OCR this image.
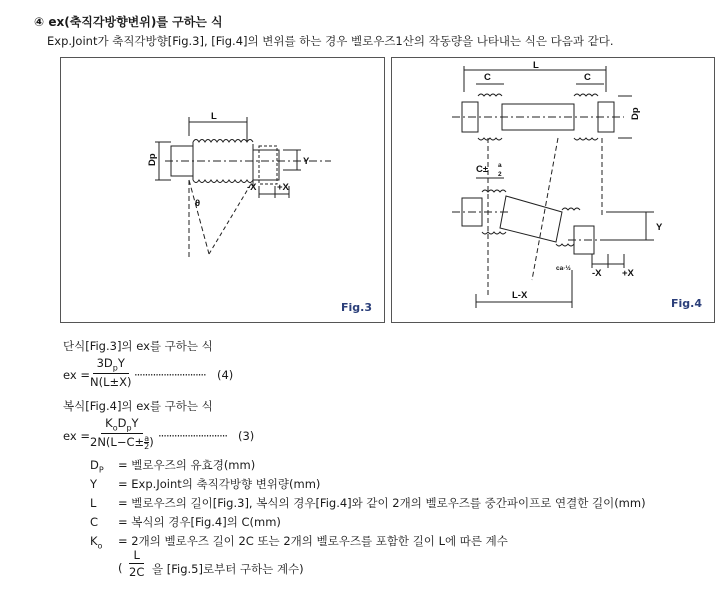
④ ex(축직각방향변위)를 구하는 식
Exp.Joint가 축직각방향[Fig.3], [Fig.4]의 변위를 하는 경우 벨로우즈1산의 작동량을 나타내는 식은 다음과 같다.
L
Dp
θ
-X +X
Y
Fig.3
L
C	C
Dp
C± a
2
Y
-X +X
L-X
ca·½
Fig.4
단식[Fig.3]의 ex를 구하는 식
ex =
$3D_pY$
N(L±X)
··························· (4)
복식[Fig.4]의 ex를 구하는 식
ex =
$K_oD_pY$
$2N(L-C\pm \frac{a}{2}$ ) ·························· (3)
$D_P$ = 벨로우즈의 유효경(mm)
Y = Exp.Joint의 축직각방향 변위량(mm)
L = 벨로우즈의 길이[Fig.3], 복식의 경우[Fig.4]와 같이 2개의 벨로우즈를 중간파이프로 연결한 길이(mm)
C = 복식의 경우[Fig.4]의 C(mm)
$K_o = 2$개의 벨로우즈 길이 2C 또는 2개의 벨로우즈를 포함한 길이 L에 따른 계수
( $\frac{L}{2C}$ 을 [Fig.5]로부터 구하는 계수)
